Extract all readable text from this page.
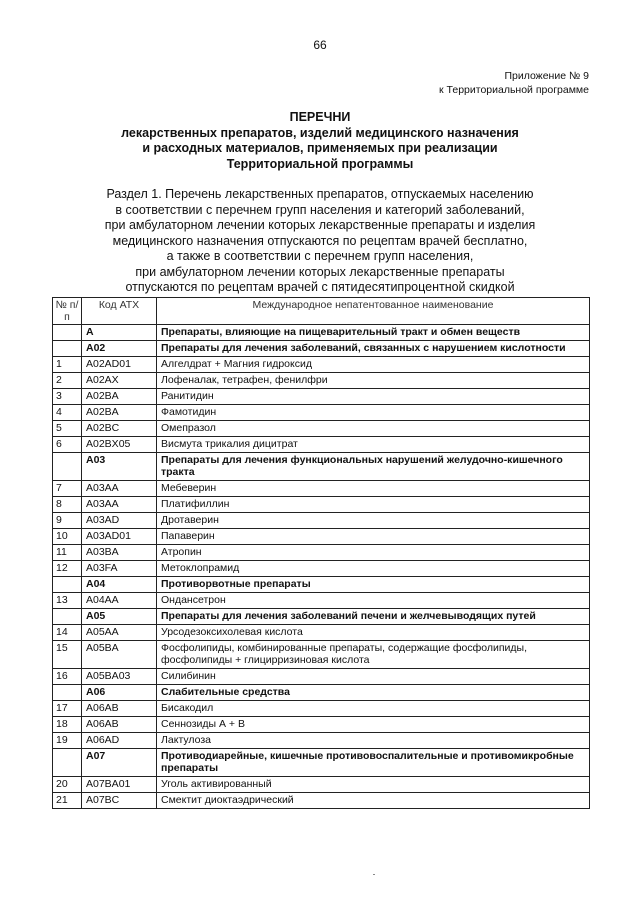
66
Приложение № 9
к Территориальной программе
ПЕРЕЧНИ
лекарственных препаратов, изделий медицинского назначения
и расходных материалов, применяемых при реализации
Территориальной программы
Раздел 1. Перечень лекарственных препаратов, отпускаемых населению
в соответствии с перечнем групп населения и категорий заболеваний,
при амбулаторном лечении которых лекарственные препараты и изделия
медицинского назначения отпускаются по рецептам врачей бесплатно,
а также в соответствии с перечнем групп населения,
при амбулаторном лечении которых лекарственные препараты
отпускаются по рецептам врачей с пятидесятипроцентной скидкой
№ п/п	Код АТХ	Международное непатентованное наименование
	A	Препараты, влияющие на пищеварительный тракт и обмен веществ
	A02	Препараты для лечения заболеваний, связанных с нарушением кислотности
1	A02AD01	Алгелдрат + Магния гидроксид
2	A02AX	Лофеналак, тетрафен, фенилфри
3	A02BA	Ранитидин
4	A02BA	Фамотидин
5	A02BC	Омепразол
6	A02BX05	Висмута трикалия дицитрат
	A03	Препараты для лечения функциональных нарушений желудочно-кишечного тракта
7	A03AA	Мебеверин
8	A03AA	Платифиллин
9	A03AD	Дротаверин
10	A03AD01	Папаверин
11	A03BA	Атропин
12	A03FA	Метоклопрамид
	A04	Противорвотные препараты
13	A04AA	Ондансетрон
	A05	Препараты для лечения заболеваний печени и желчевыводящих путей
14	A05AA	Урсодезоксихолевая кислота
15	A05BA	Фосфолипиды, комбинированные препараты, содержащие фосфолипиды, фосфолипиды + глицирризиновая кислота
16	A05BA03	Силибинин
	A06	Слабительные средства
17	A06AB	Бисакодил
18	A06AB	Сеннозиды А + В
19	A06AD	Лактулоза
	A07	Противодиарейные, кишечные противовоспалительные и противомикробные препараты
20	A07BA01	Уголь активированный
21	A07BC	Смектит диоктаэдрический
